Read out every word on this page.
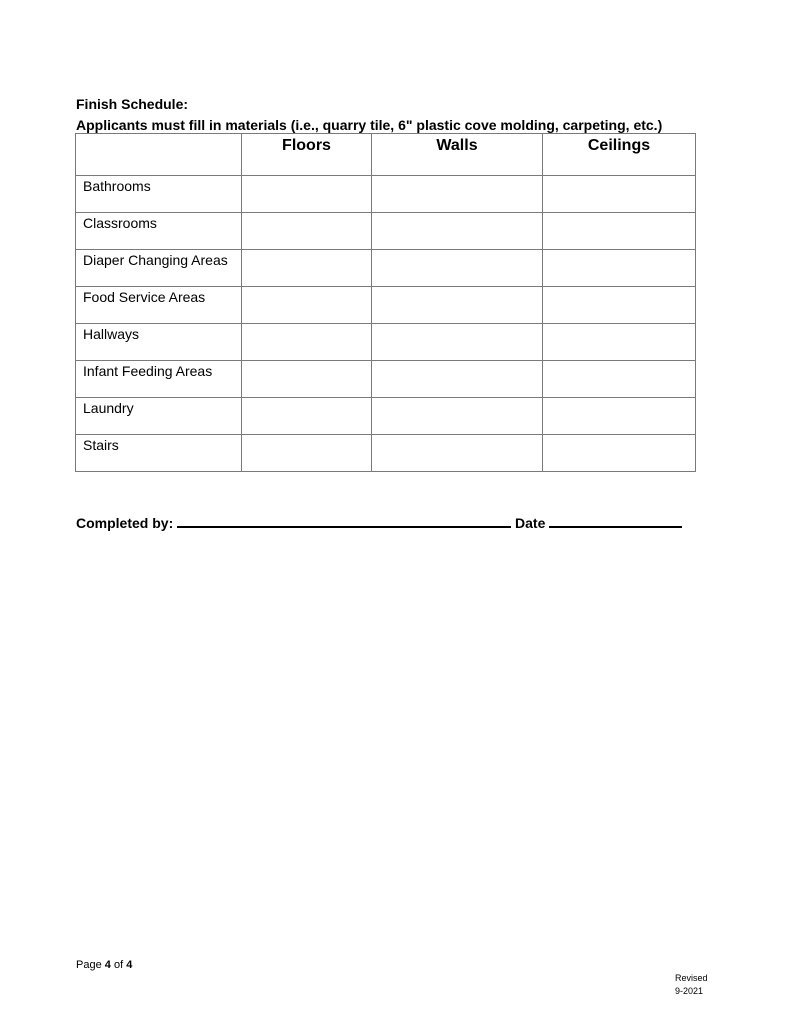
Finish Schedule:
Applicants must fill in materials (i.e., quarry tile, 6" plastic cove molding, carpeting, etc.)
	Floors	Walls	Ceilings
Bathrooms			
Classrooms			
Diaper Changing Areas			
Food Service Areas			
Hallways			
Infant Feeding Areas			
Laundry			
Stairs			
Completed by:	Date
Page 4 of 4
Revised
9-2021
